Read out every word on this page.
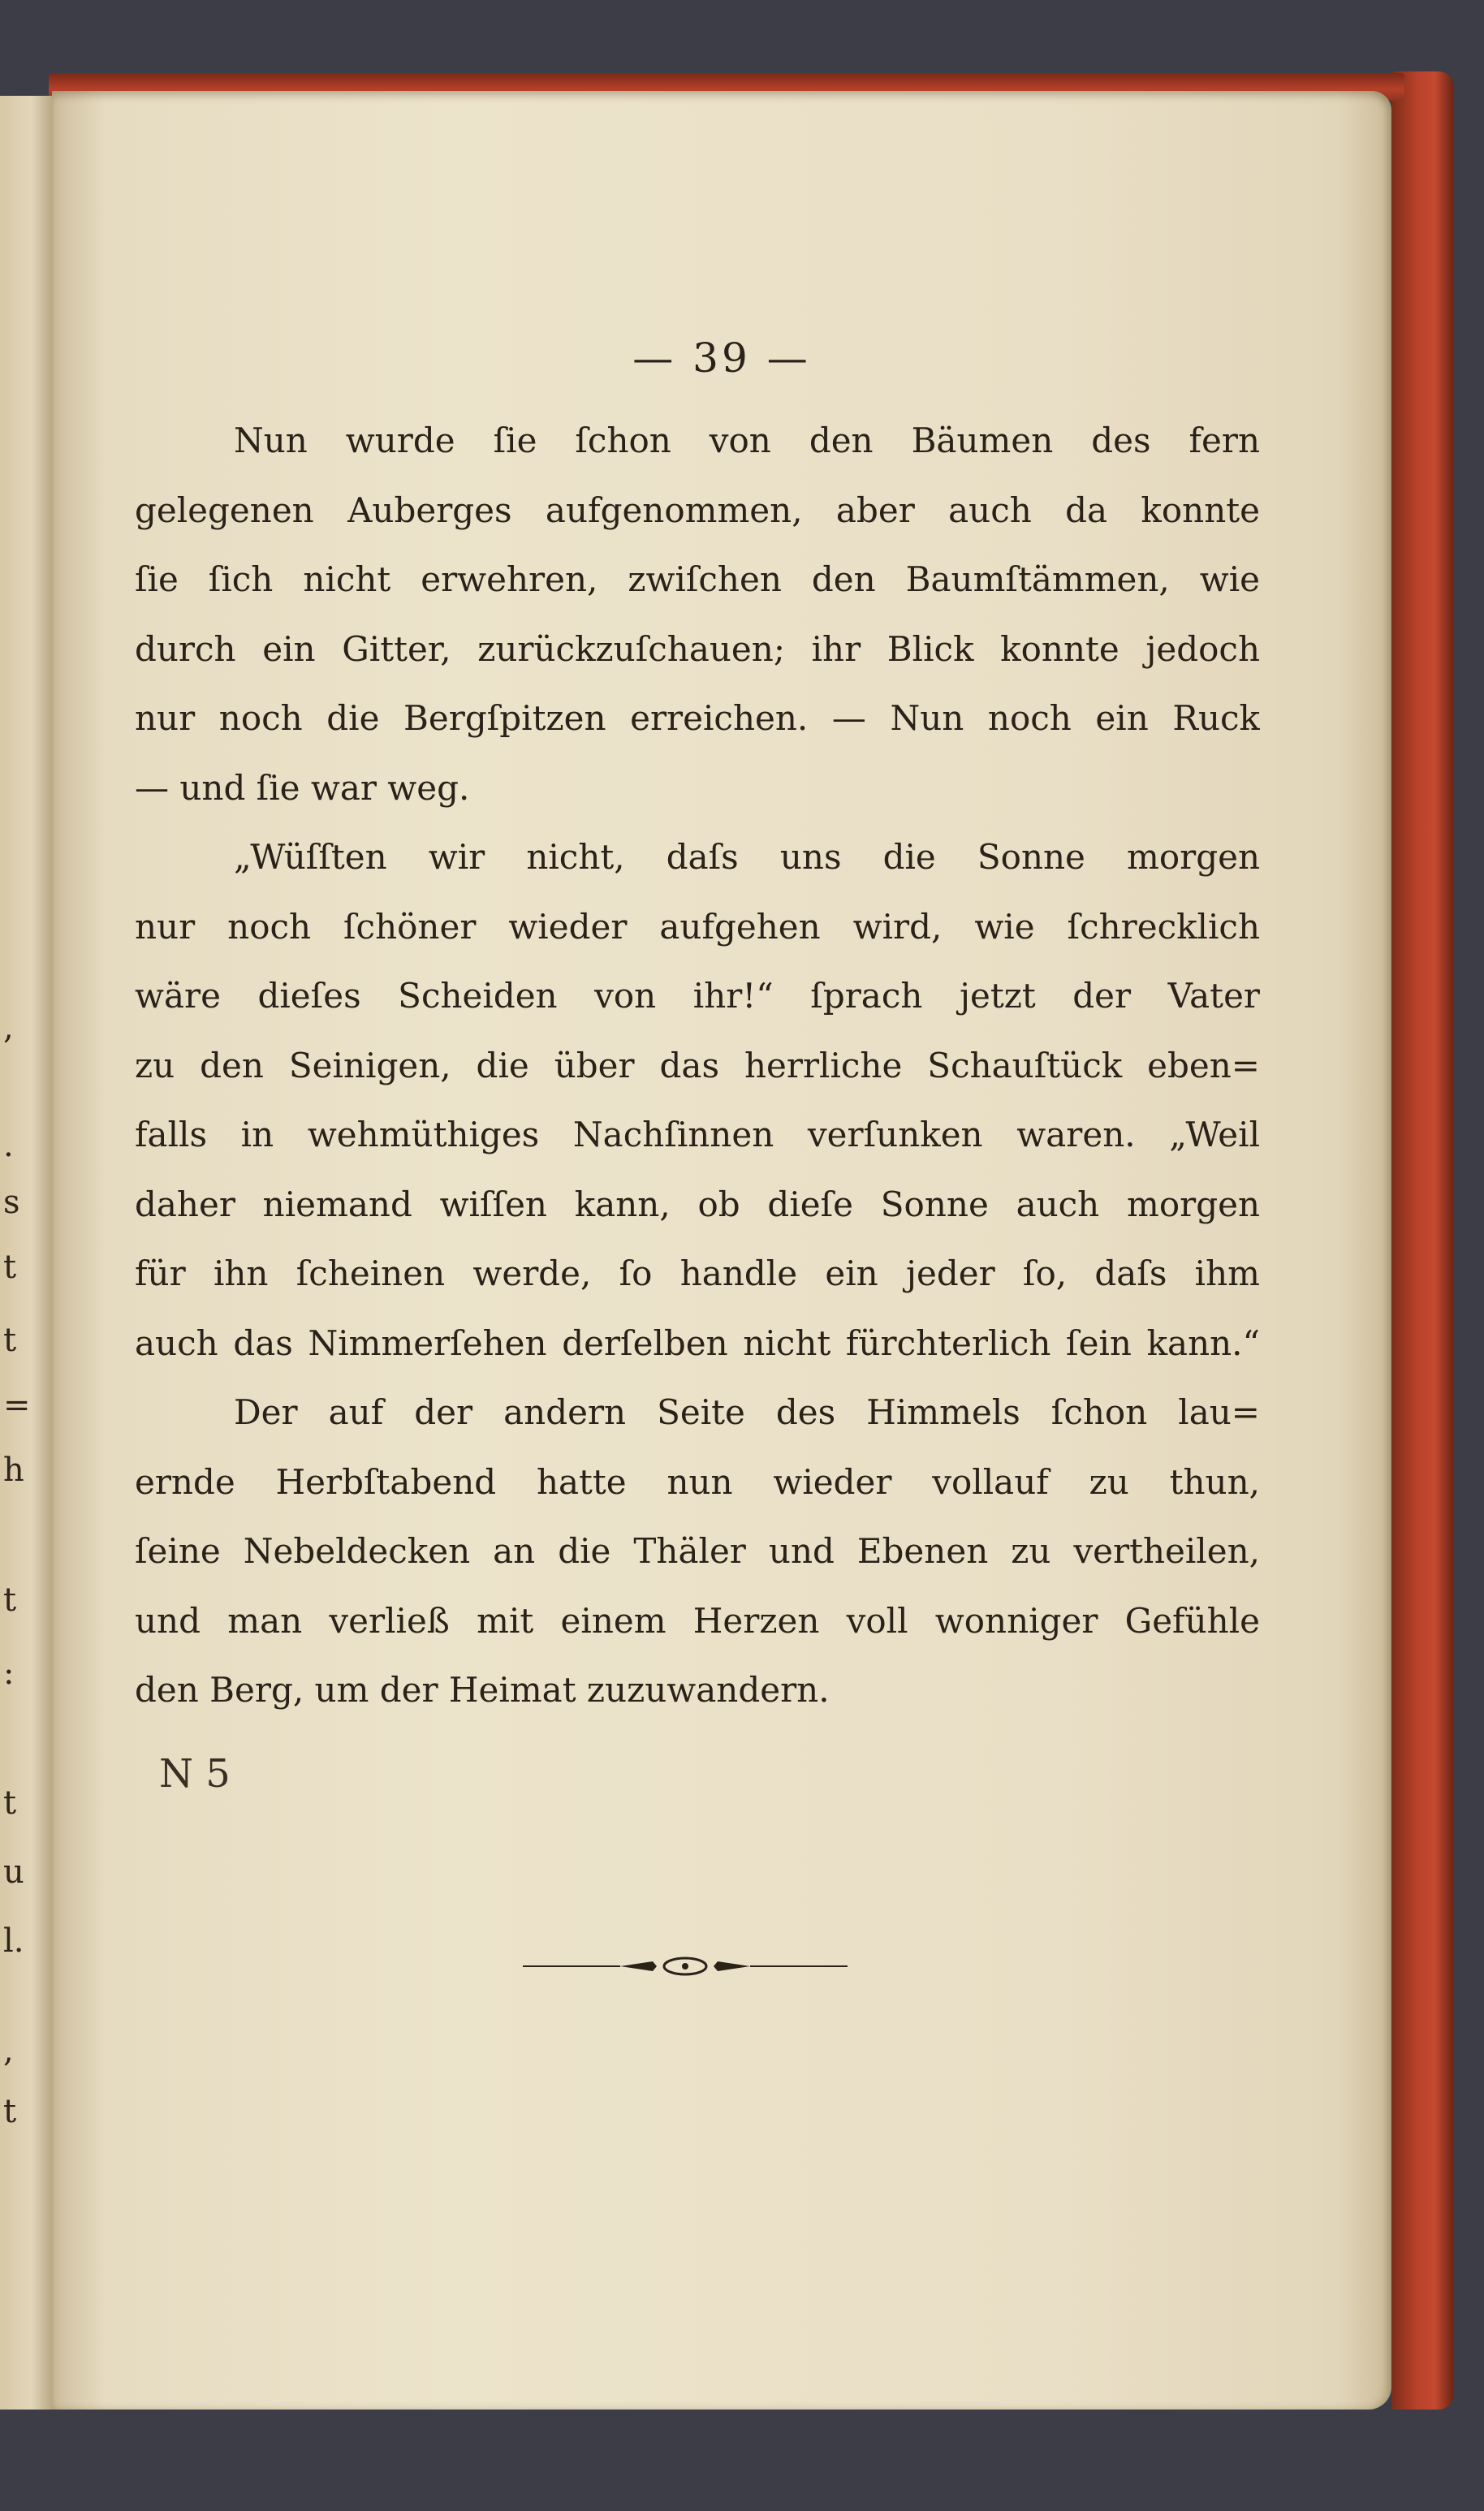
,
.
s
t
t
=
h
t
:
t
u
l.
,
t
— 39 —
Nun wurde ſie ſchon von den Bäumen des fern
gelegenen Auberges aufgenommen, aber auch da konnte
ſie ſich nicht erwehren, zwiſchen den Baumſtämmen, wie
durch ein Gitter, zurückzuſchauen; ihr Blick konnte jedoch
nur noch die Bergſpitzen erreichen. — Nun noch ein Ruck
— und ſie war weg.
„Wüſſten wir nicht, daſs uns die Sonne morgen
nur noch ſchöner wieder aufgehen wird, wie ſchrecklich
wäre dieſes Scheiden von ihr!“ ſprach jetzt der Vater
zu den Seinigen, die über das herrliche Schauſtück eben=
falls in wehmüthiges Nachſinnen verſunken waren. „Weil
daher niemand wiſſen kann, ob dieſe Sonne auch morgen
für ihn ſcheinen werde, ſo handle ein jeder ſo, daſs ihm
auch das Nimmerſehen derſelben nicht fürchterlich ſein kann.“
Der auf der andern Seite des Himmels ſchon lau=
ernde Herbſtabend hatte nun wieder vollauf zu thun,
ſeine Nebeldecken an die Thäler und Ebenen zu vertheilen,
und man verließ mit einem Herzen voll wonniger Gefühle
den Berg, um der Heimat zuzuwandern.
N 5
